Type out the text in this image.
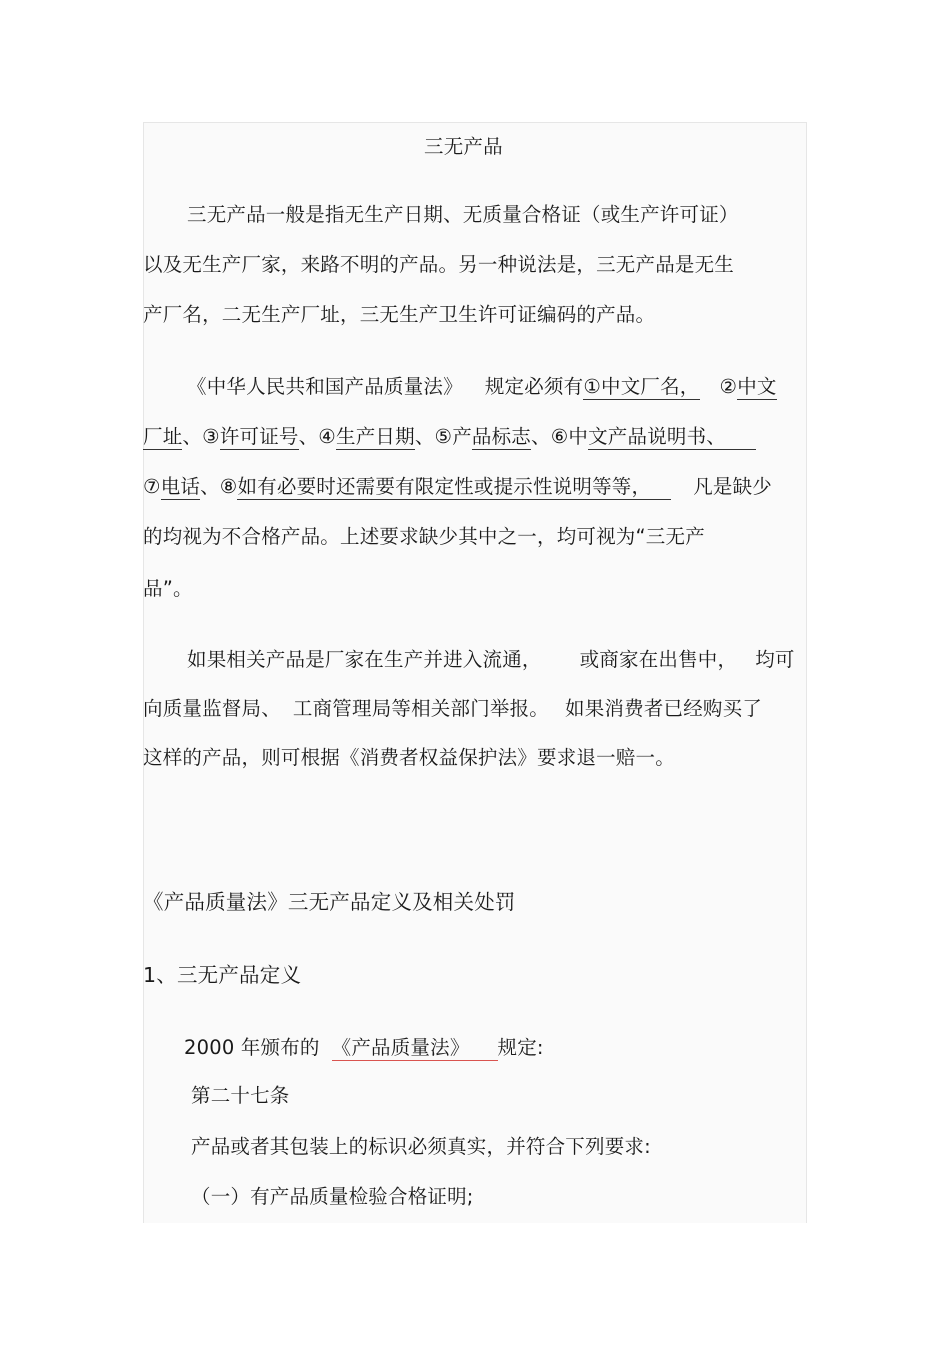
三无产品
三无产品一般是指无生产日期、无质量合格证（或生产许可证）
以及无生产厂家，来路不明的产品。另一种说法是，三无产品是无生
产厂名，二无生产厂址，三无生产卫生许可证编码的产品。
《中华人民共和国产品质量法》 规定必须有①中文厂名， ②中文
厂址、③许可证号、④生产日期、⑤产品标志、⑥中文产品说明书、
⑦电话、⑧如有必要时还需要有限定性或提示性说明等等， 凡是缺少
的均视为不合格产品。上述要求缺少其中之一，均可视为“三无产
品”。
如果相关产品是厂家在生产并进入流通， 或商家在出售中， 均可
向质量监督局、 工商管理局等相关部门举报。 如果消费者已经购买了
这样的产品，则可根据《消费者权益保护法》要求退一赔一。
《产品质量法》三无产品定义及相关处罚
1、三无产品定义
2000 年颁布的 《产品质量法》 规定:
第二十七条
产品或者其包装上的标识必须真实，并符合下列要求:
（一）有产品质量检验合格证明;
